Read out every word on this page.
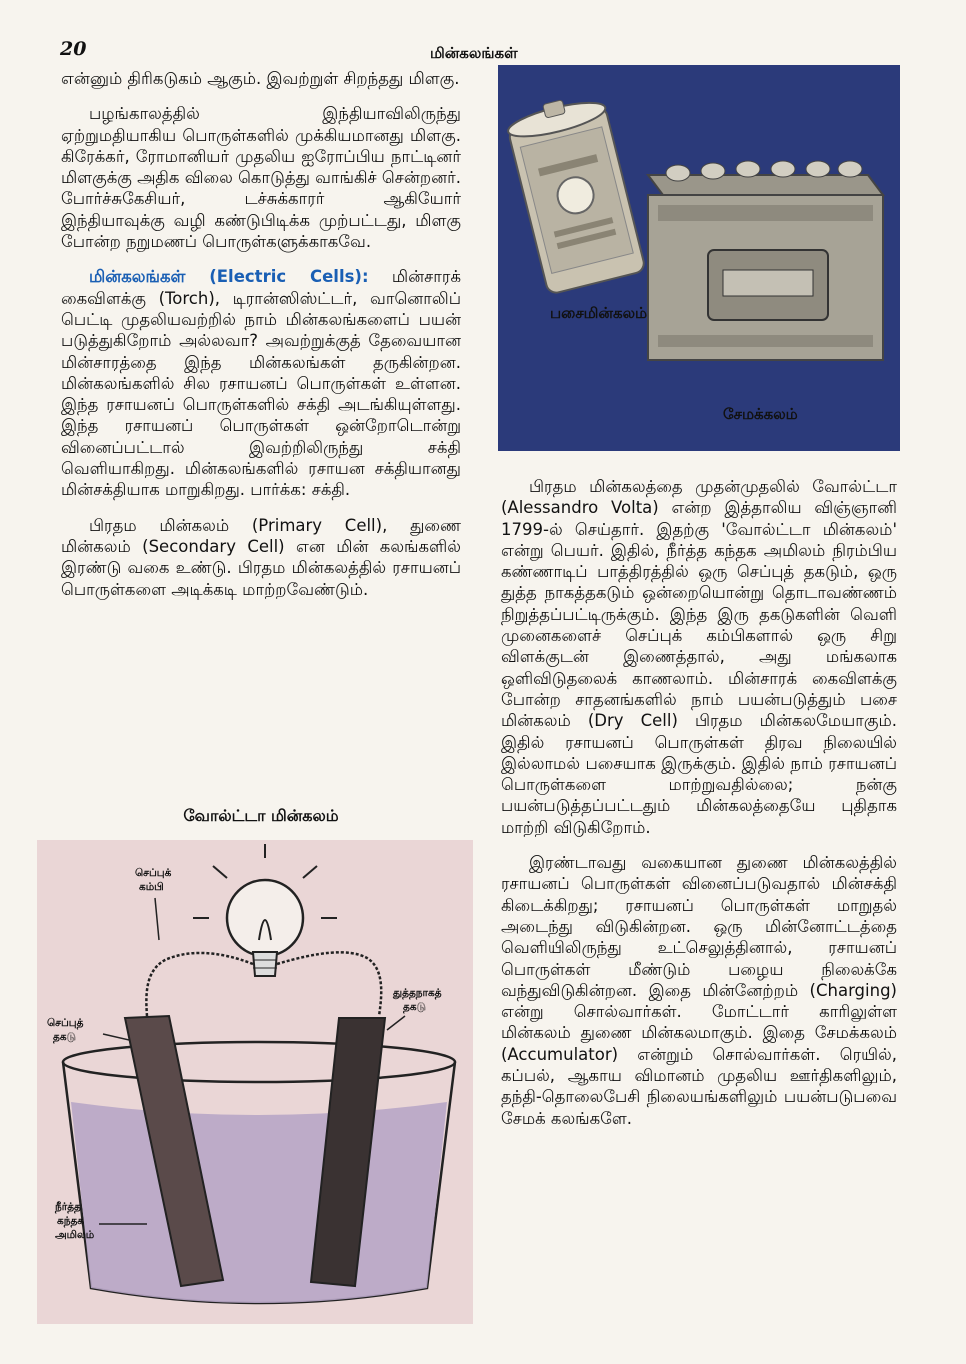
20	மின்கலங்கள்

என்னும் திரிகடுகம் ஆகும். இவற்றுள் சிறந்தது மிளகு.

பழங்காலத்தில் இந்தியாவிலிருந்து ஏற்றுமதியாகிய பொருள்களில் முக்கியமானது மிளகு. கிரேக்கர், ரோமானியர் முதலிய ஐரோப்பிய நாட்டினர் மிளகுக்கு அதிக விலை கொடுத்து வாங்கிச் சென்றனர். போர்ச்சுகேசியர், டச்சுக்காரர் ஆகியோர் இந்தியாவுக்கு வழி கண்டுபிடிக்க முற்பட்டது, மிளகு போன்ற நறுமணப் பொருள்களுக்காகவே.

மின்கலங்கள் (Electric Cells): மின்சாரக் கைவிளக்கு (Torch), டிரான்ஸிஸ்ட்டர், வானொலிப் பெட்டி முதலியவற்றில் நாம் மின்கலங்களைப் பயன் படுத்துகிறோம் அல்லவா? அவற்றுக்குத் தேவையான மின்சாரத்தை இந்த மின்கலங்கள் தருகின்றன. மின்கலங்களில் சில ரசாயனப் பொருள்கள் உள்ளன. இந்த ரசாயனப் பொருள்களில் சக்தி அடங்கியுள்ளது. இந்த ரசாயனப் பொருள்கள் ஒன்றோடொன்று வினைப்பட்டால் இவற்றிலிருந்து சக்தி வெளியாகிறது. மின்கலங்களில் ரசாயன சக்தியானது மின்சக்தியாக மாறுகிறது. பார்க்க: சக்தி.

பிரதம மின்கலம் (Primary Cell), துணை மின்கலம் (Secondary Cell) என மின் கலங்களில் இரண்டு வகை உண்டு. பிரதம மின்கலத்தில் ரசாயனப் பொருள்களை அடிக்கடி மாற்றவேண்டும்.

பசைமின்கலம்
சேமக்கலம்
வோல்ட்டா மின்கலம்
செப்புக்
கம்பி
துத்தநாகத்
தகடு
செப்புத்
தகடு
நீர்த்த
கந்தக
அமிலம்

பிரதம மின்கலத்தை முதன்முதலில் வோல்ட்டா (Alessandro Volta) என்ற இத்தாலிய விஞ்ஞானி 1799-ல் செய்தார். இதற்கு 'வோல்ட்டா மின்கலம்' என்று பெயர். இதில், நீர்த்த கந்தக அமிலம் நிரம்பிய கண்ணாடிப் பாத்திரத்தில் ஒரு செப்புத் தகடும், ஒரு துத்த நாகத்தகடும் ஒன்றையொன்று தொடாவண்ணம் நிறுத்தப்பட்டிருக்கும். இந்த இரு தகடுகளின் வெளி முனைகளைச் செப்புக் கம்பிகளால் ஒரு சிறு விளக்குடன் இணைத்தால், அது மங்கலாக ஒளிவிடுதலைக் காணலாம். மின்சாரக் கைவிளக்கு போன்ற சாதனங்களில் நாம் பயன்படுத்தும் பசை மின்கலம் (Dry Cell) பிரதம மின்கலமேயாகும். இதில் ரசாயனப் பொருள்கள் திரவ நிலையில் இல்லாமல் பசையாக இருக்கும். இதில் நாம் ரசாயனப் பொருள்களை மாற்றுவதில்லை; நன்கு பயன்படுத்தப்பட்டதும் மின்கலத்தையே புதிதாக மாற்றி விடுகிறோம்.

இரண்டாவது வகையான துணை மின்கலத்தில் ரசாயனப் பொருள்கள் வினைப்படுவதால் மின்சக்தி கிடைக்கிறது; ரசாயனப் பொருள்கள் மாறுதல் அடைந்து விடுகின்றன. ஒரு மின்னோட்டத்தை வெளியிலிருந்து உட்செலுத்தினால், ரசாயனப் பொருள்கள் மீண்டும் பழைய நிலைக்கே வந்துவிடுகின்றன. இதை மின்னேற்றம் (Charging) என்று சொல்வார்கள். மோட்டார் காரிலுள்ள மின்கலம் துணை மின்கலமாகும். இதை சேமக்கலம் (Accumulator) என்றும் சொல்வார்கள். ரெயில், கப்பல், ஆகாய விமானம் முதலிய ஊர்திகளிலும், தந்தி-தொலைபேசி நிலையங்களிலும் பயன்படுபவை சேமக் கலங்களே.
